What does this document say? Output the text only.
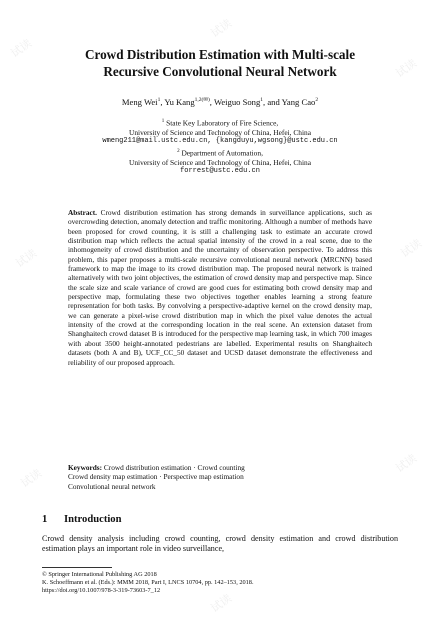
试读
试读
试读
试读	试读
试读
试读
试读
Crowd Distribution Estimation with Multi-scale
Recursive Convolutional Neural Network
Meng Wei$^1$, Yu Kang$^{1,2(✉)}$, Weiguo Song$^1$, and Yang Cao$^2$
$^1$ State Key Laboratory of Fire Science,
University of Science and Technology of China, Hefei, China
wmeng211@mail.ustc.edu.cn, {kangduyu,wgsong}@ustc.edu.cn
$^2$ Department of Automation,
University of Science and Technology of China, Hefei, China
forrest@ustc.edu.cn

Abstract. Crowd distribution estimation has strong demands in surveillance applications, such as overcrowding detection, anomaly detection and traffic monitoring. Although a number of methods have been proposed for crowd counting, it is still a challenging task to estimate an accurate crowd distribution map which reflects the actual spatial intensity of the crowd in a real scene, due to the inhomogeneity of crowd distribution and the uncertainty of observation perspective. To address this problem, this paper proposes a multi-scale recursive convolutional neural network (MRCNN) based framework to map the image to its crowd distribution map. The proposed neural network is trained alternatively with two joint objectives, the estimation of crowd density map and perspective map. Since the scale size and scale variance of crowd are good cues for estimating both crowd density map and perspective map, formulating these two objectives together enables learning a strong feature representation for both tasks. By convolving a perspective-adaptive kernel on the crowd density map, we can generate a pixel-wise crowd distribution map in which the pixel value denotes the actual intensity of the crowd at the corresponding location in the real scene. An extension dataset from Shanghaitech crowd dataset B is introduced for the perspective map learning task, in which 700 images with about 3500 height-annotated pedestrians are labelled. Experimental results on Shanghaitech datasets (both A and B), UCF_CC_50 dataset and UCSD dataset demonstrate the effectiveness and reliability of our proposed approach.

Keywords: Crowd distribution estimation · Crowd counting
Crowd density map estimation · Perspective map estimation
Convolutional neural network

1 Introduction

Crowd density analysis including crowd counting, crowd density estimation and crowd distribution estimation plays an important role in video surveillance,

© Springer International Publishing AG 2018
K. Schoeffmann et al. (Eds.): MMM 2018, Part I, LNCS 10704, pp. 142–153, 2018.
https://doi.org/10.1007/978-3-319-73603-7_12
